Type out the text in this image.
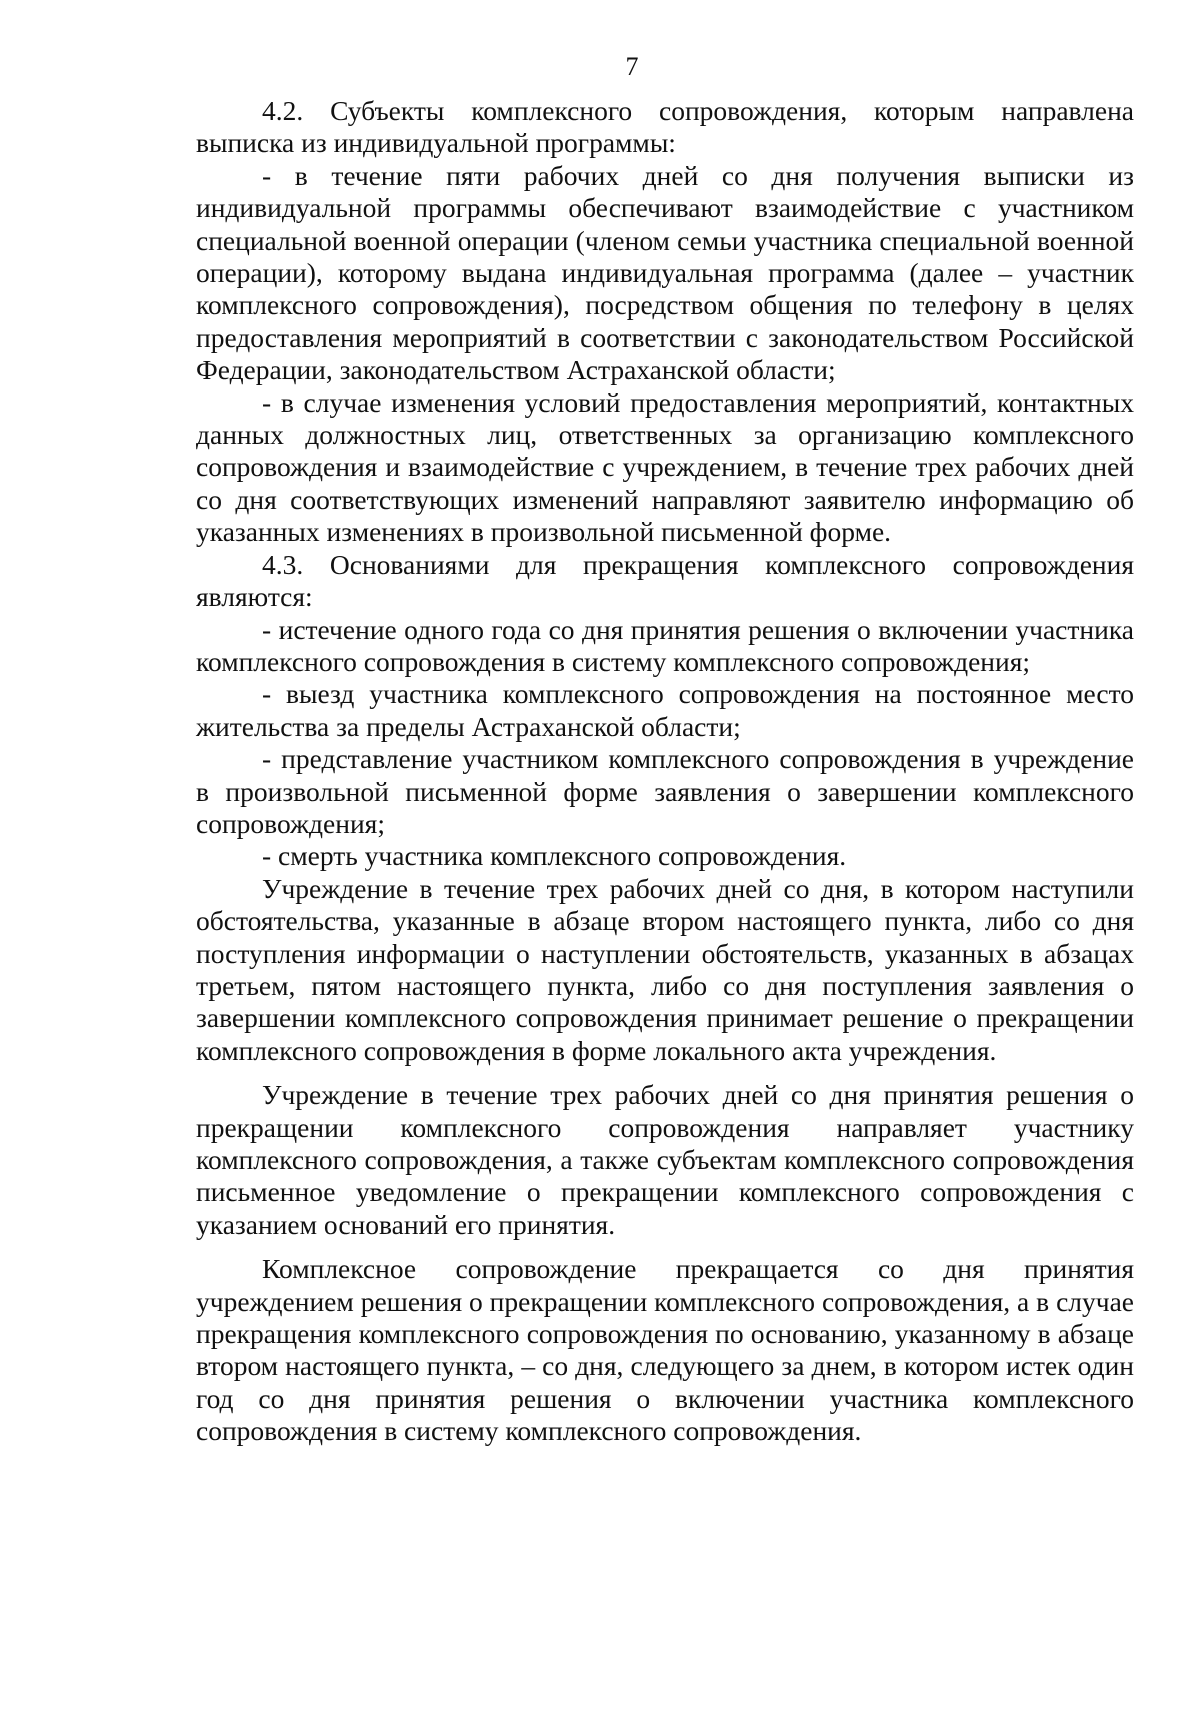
7

4.2. Субъекты комплексного сопровождения, которым направлена выписка из индивидуальной программы:

- в течение пяти рабочих дней со дня получения выписки из индивидуальной программы обеспечивают взаимодействие с участником специальной военной операции (членом семьи участника специальной военной операции), которому выдана индивидуальная программа (далее – участник комплексного сопровождения), посредством общения по телефону в целях предоставления мероприятий в соответствии с законодательством Российской Федерации, законодательством Астраханской области;

- в случае изменения условий предоставления мероприятий, контактных данных должностных лиц, ответственных за организацию комплексного сопровождения и взаимодействие с учреждением, в течение трех рабочих дней со дня соответствующих изменений направляют заявителю информацию об указанных изменениях в произвольной письменной форме.

4.3. Основаниями для прекращения комплексного сопровождения являются:

- истечение одного года со дня принятия решения о включении участника комплексного сопровождения в систему комплексного сопровождения;

- выезд участника комплексного сопровождения на постоянное место жительства за пределы Астраханской области;

- представление участником комплексного сопровождения в учреждение в произвольной письменной форме заявления о завершении комплексного сопровождения;

- смерть участника комплексного сопровождения.

Учреждение в течение трех рабочих дней со дня, в котором наступили обстоятельства, указанные в абзаце втором настоящего пункта, либо со дня поступления информации о наступлении обстоятельств, указанных в абзацах третьем, пятом настоящего пункта, либо со дня поступления заявления о завершении комплексного сопровождения принимает решение о прекращении комплексного сопровождения в форме локального акта учреждения.

Учреждение в течение трех рабочих дней со дня принятия решения о прекращении комплексного сопровождения направляет участнику комплексного сопровождения, а также субъектам комплексного сопровождения письменное уведомление о прекращении комплексного сопровождения с указанием оснований его принятия.

Комплексное сопровождение прекращается со дня принятия учреждением решения о прекращении комплексного сопровождения, а в случае прекращения комплексного сопровождения по основанию, указанному в абзаце втором настоящего пункта, – со дня, следующего за днем, в котором истек один год со дня принятия решения о включении участника комплексного сопровождения в систему комплексного сопровождения.
